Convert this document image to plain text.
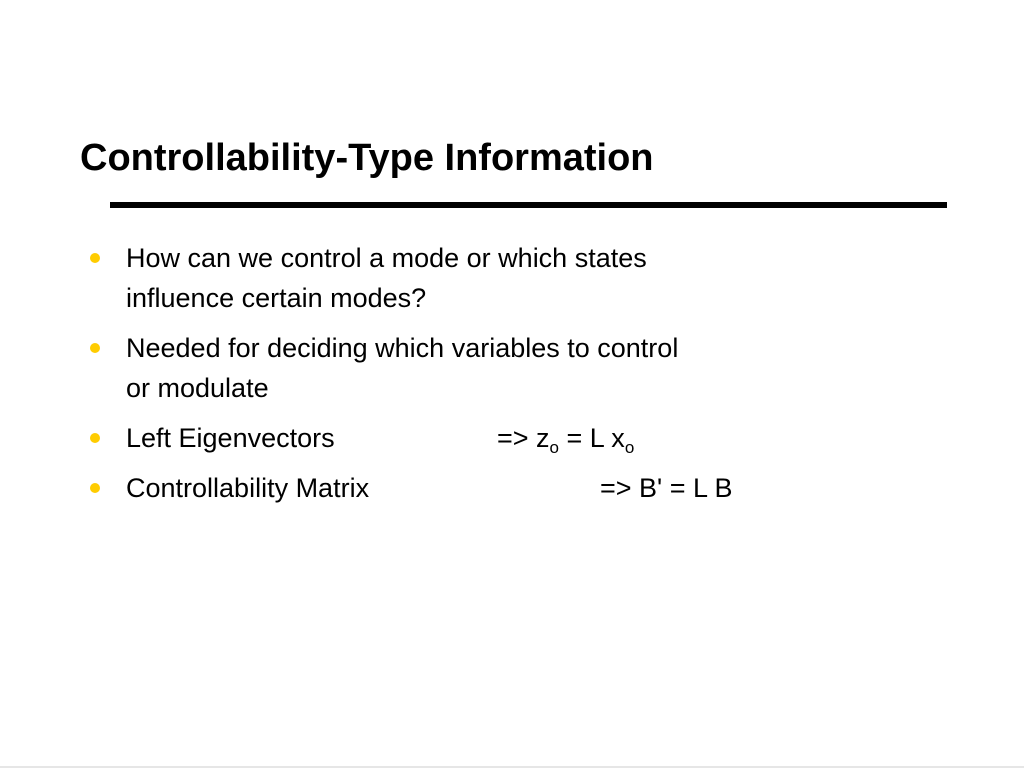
Controllability-Type Information
How can we control a mode or which states
influence certain modes?
Needed for deciding which variables to control
or modulate
Left Eigenvectors	=> $z_o = L$ $x_o$
Controllability Matrix	=> B' = L B
